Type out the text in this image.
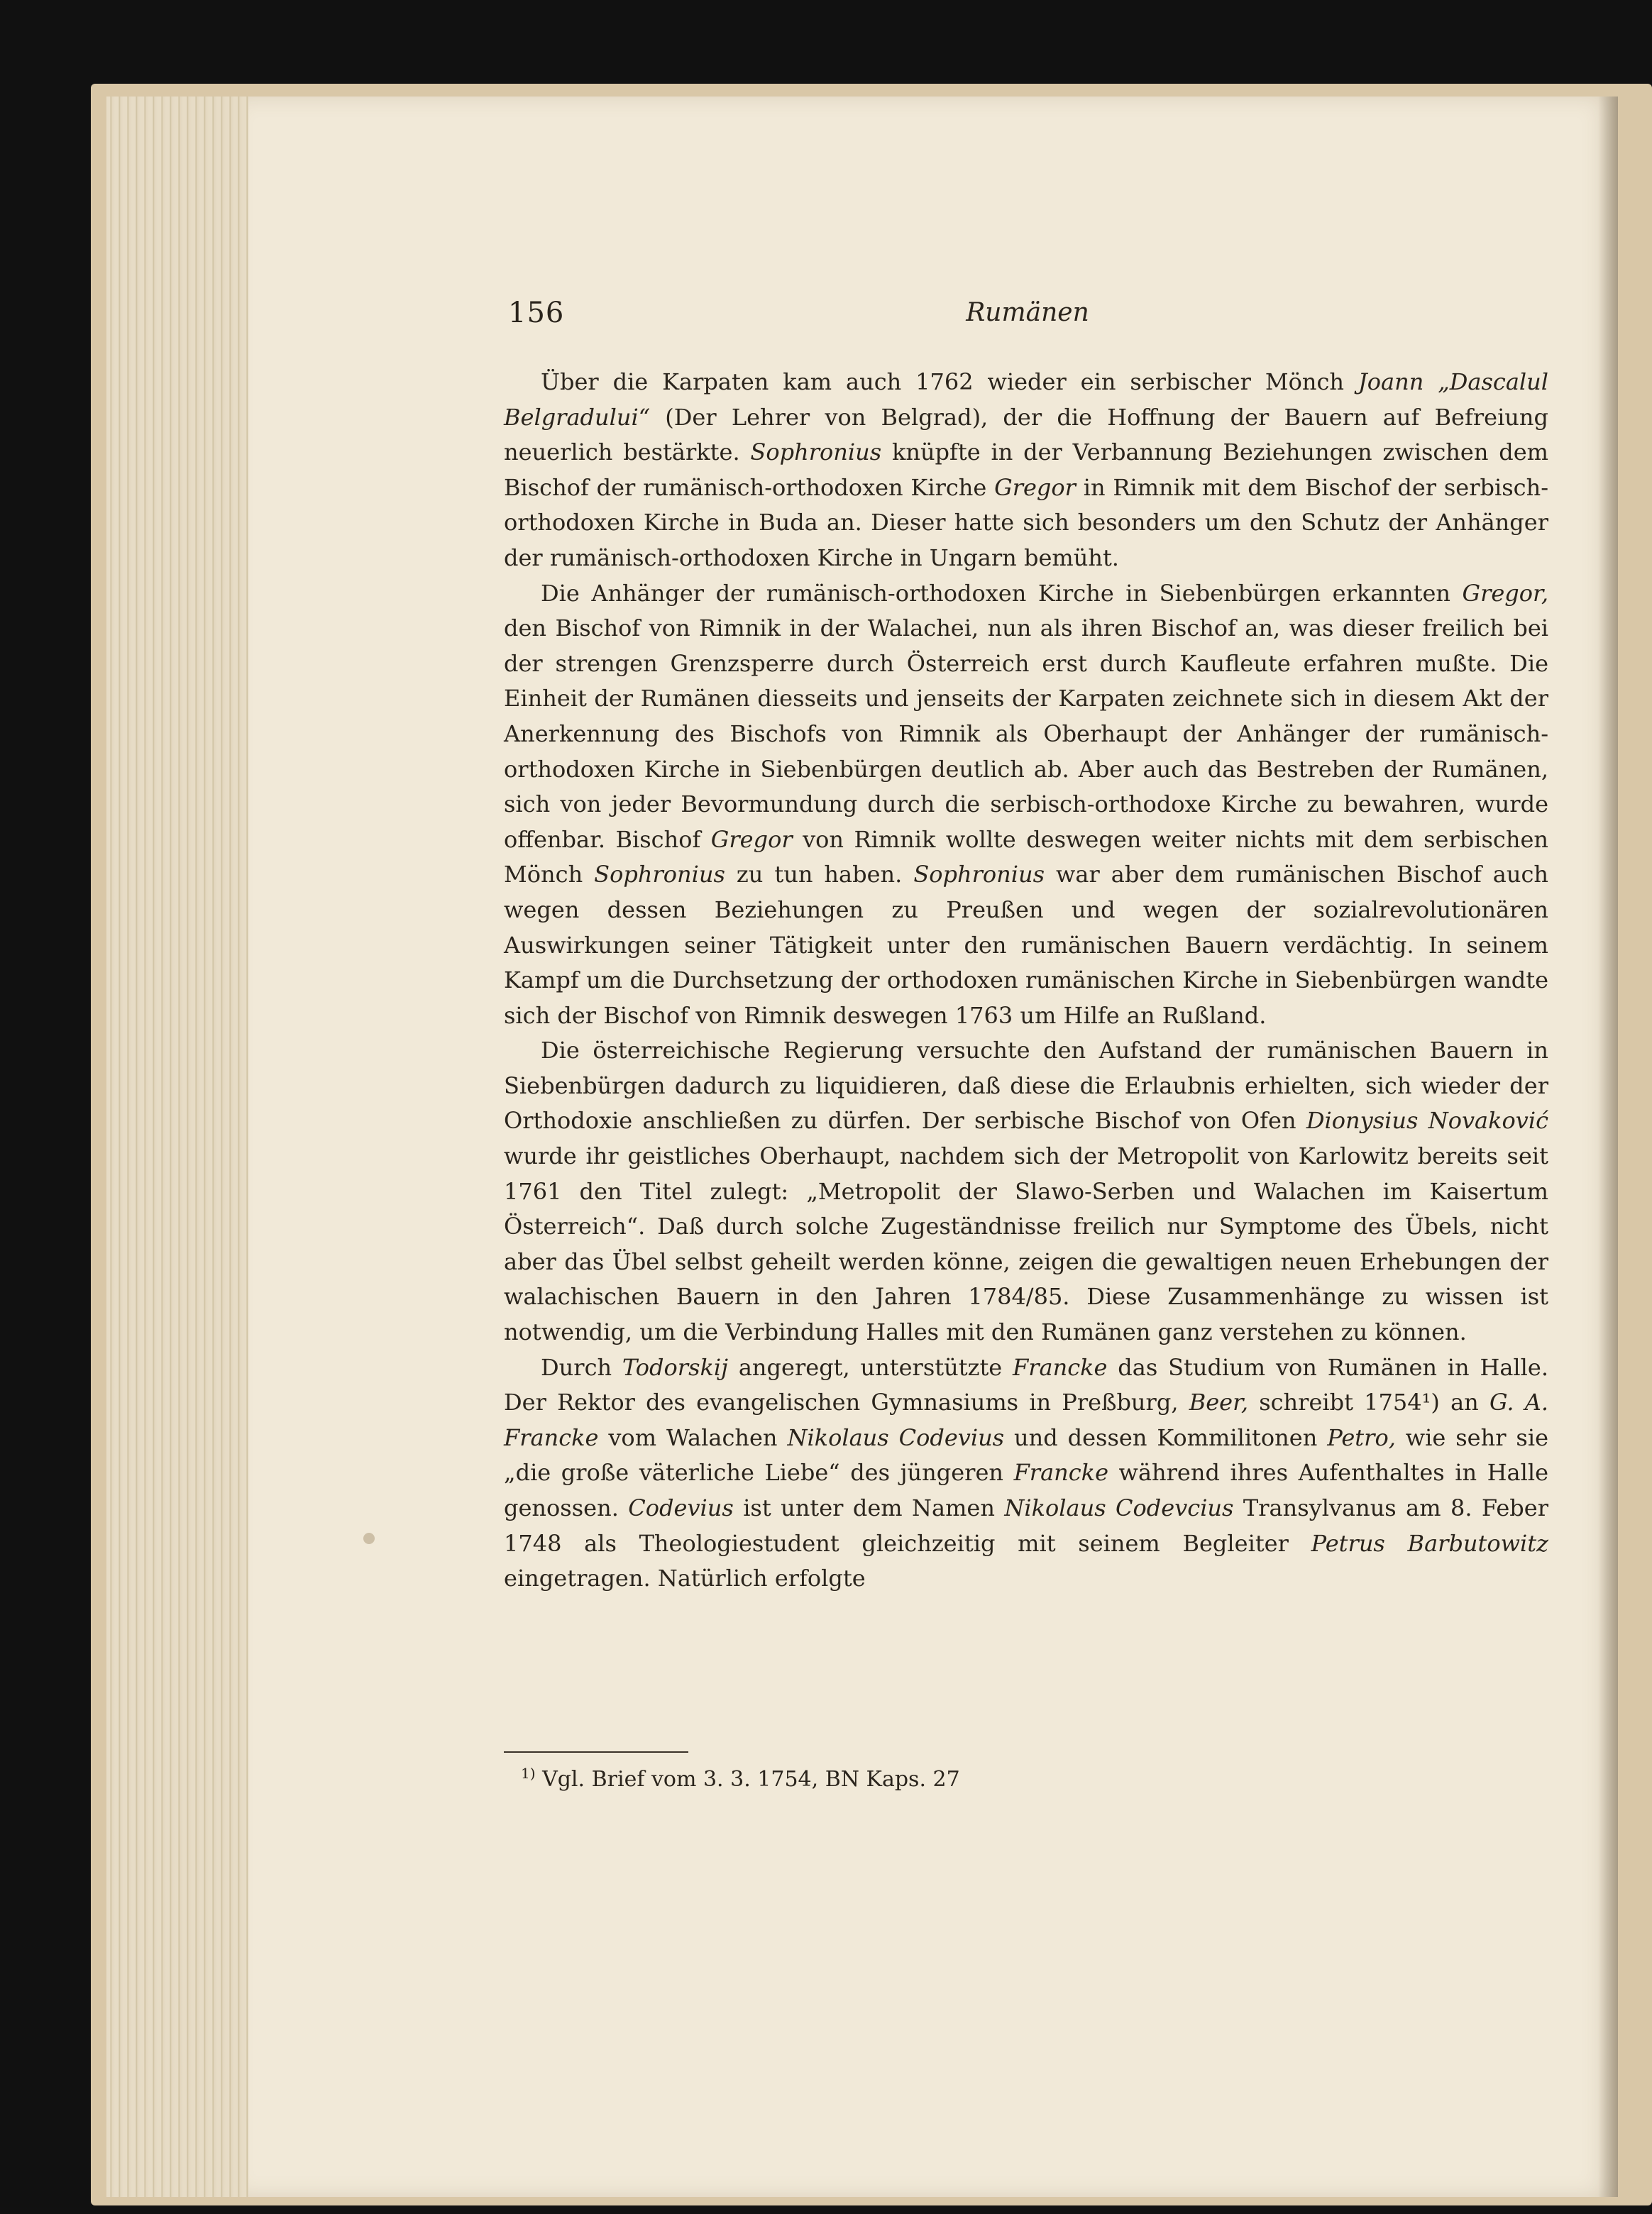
156	Rumänen

Über die Karpaten kam auch 1762 wieder ein serbischer Mönch Joann „Dascalul Belgradului“ (Der Lehrer von Belgrad), der die Hoffnung der Bauern auf Befreiung neuerlich bestärkte. Sophronius knüpfte in der Verbannung Beziehungen zwischen dem Bischof der rumänisch-orthodoxen Kirche Gregor in Rimnik mit dem Bischof der serbisch-orthodoxen Kirche in Buda an. Dieser hatte sich besonders um den Schutz der Anhänger der rumänisch-orthodoxen Kirche in Ungarn bemüht.

Die Anhänger der rumänisch-orthodoxen Kirche in Siebenbürgen erkannten Gregor, den Bischof von Rimnik in der Walachei, nun als ihren Bischof an, was dieser freilich bei der strengen Grenzsperre durch Österreich erst durch Kaufleute erfahren mußte. Die Einheit der Rumänen diesseits und jenseits der Karpaten zeichnete sich in diesem Akt der Anerkennung des Bischofs von Rimnik als Oberhaupt der Anhänger der rumänisch-orthodoxen Kirche in Siebenbürgen deutlich ab. Aber auch das Bestreben der Rumänen, sich von jeder Bevormundung durch die serbisch-orthodoxe Kirche zu bewahren, wurde offenbar. Bischof Gregor von Rimnik wollte deswegen weiter nichts mit dem serbischen Mönch Sophronius zu tun haben. Sophronius war aber dem rumänischen Bischof auch wegen dessen Beziehungen zu Preußen und wegen der sozialrevolutionären Auswirkungen seiner Tätigkeit unter den rumänischen Bauern verdächtig. In seinem Kampf um die Durchsetzung der orthodoxen rumänischen Kirche in Siebenbürgen wandte sich der Bischof von Rimnik deswegen 1763 um Hilfe an Rußland.

Die österreichische Regierung versuchte den Aufstand der rumänischen Bauern in Siebenbürgen dadurch zu liquidieren, daß diese die Erlaubnis erhielten, sich wieder der Orthodoxie anschließen zu dürfen. Der serbische Bischof von Ofen Dionysius Novaković wurde ihr geistliches Oberhaupt, nachdem sich der Metropolit von Karlowitz bereits seit 1761 den Titel zulegt: „Metropolit der Slawo-Serben und Walachen im Kaisertum Österreich“. Daß durch solche Zugeständnisse freilich nur Symptome des Übels, nicht aber das Übel selbst geheilt werden könne, zeigen die gewaltigen neuen Erhebungen der walachischen Bauern in den Jahren 1784/85. Diese Zusammenhänge zu wissen ist notwendig, um die Verbindung Halles mit den Rumänen ganz verstehen zu können.

Durch Todorskij angeregt, unterstützte Francke das Studium von Rumänen in Halle. Der Rektor des evangelischen Gymnasiums in Preßburg, Beer, schreibt 1754¹) an G. A. Francke vom Walachen Nikolaus Codevius und dessen Kommilitonen Petro, wie sehr sie „die große väterliche Liebe“ des jüngeren Francke während ihres Aufenthaltes in Halle genossen. Codevius ist unter dem Namen Nikolaus Codevcius Transylvanus am 8. Feber 1748 als Theologiestudent gleichzeitig mit seinem Begleiter Petrus Barbutowitz eingetragen. Natürlich erfolgte

$^{1)}$ Vgl. Brief vom 3. 3. 1754, BN Kaps. 27
